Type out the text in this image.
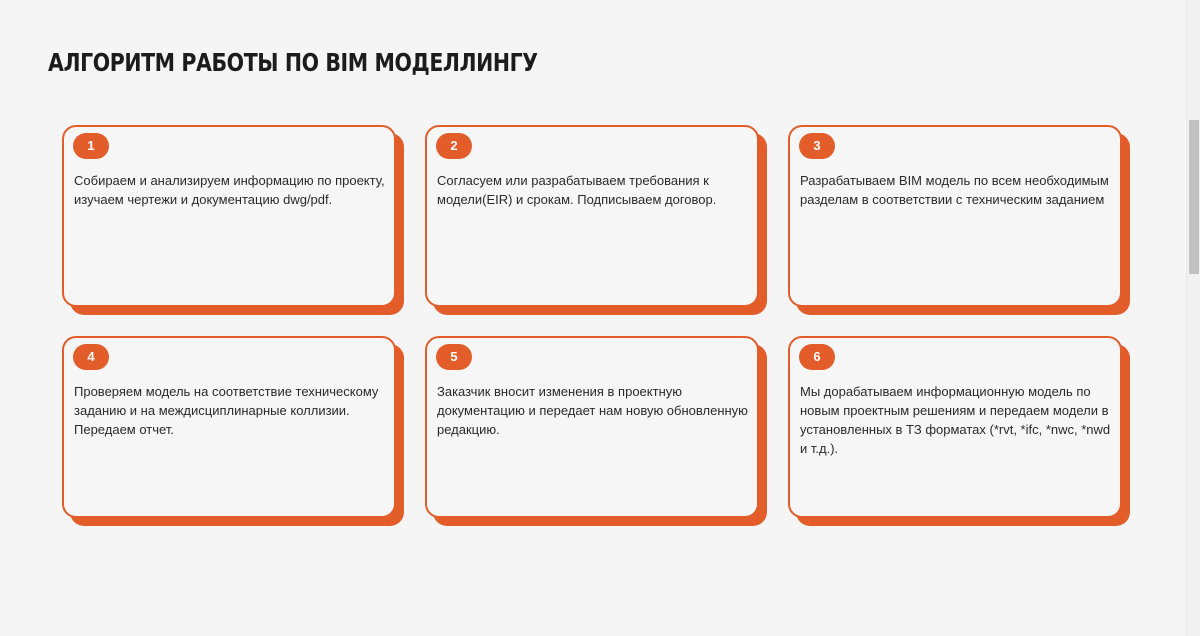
АЛГОРИТМ РАБОТЫ ПО BIM МОДЕЛЛИНГУ
1

Собираем и анализируем информацию по проекту, изучаем чертежи и документацию dwg/pdf.

2

Согласуем или разрабатываем требования к модели(EIR) и срокам. Подписываем договор.

3

Разрабатываем BIM модель по всем необходимым разделам в соответствии с техническим заданием

4

Проверяем модель на соответствие техническому заданию и на междисциплинарные коллизии. Передаем отчет.

5

Заказчик вносит изменения в проектную документацию и передает нам новую обновленную редакцию.

6

Мы дорабатываем информационную модель по новым проектным решениям и передаем модели в установленных в ТЗ форматах (*rvt, *ifc, *nwc, *nwd и т.д.).
